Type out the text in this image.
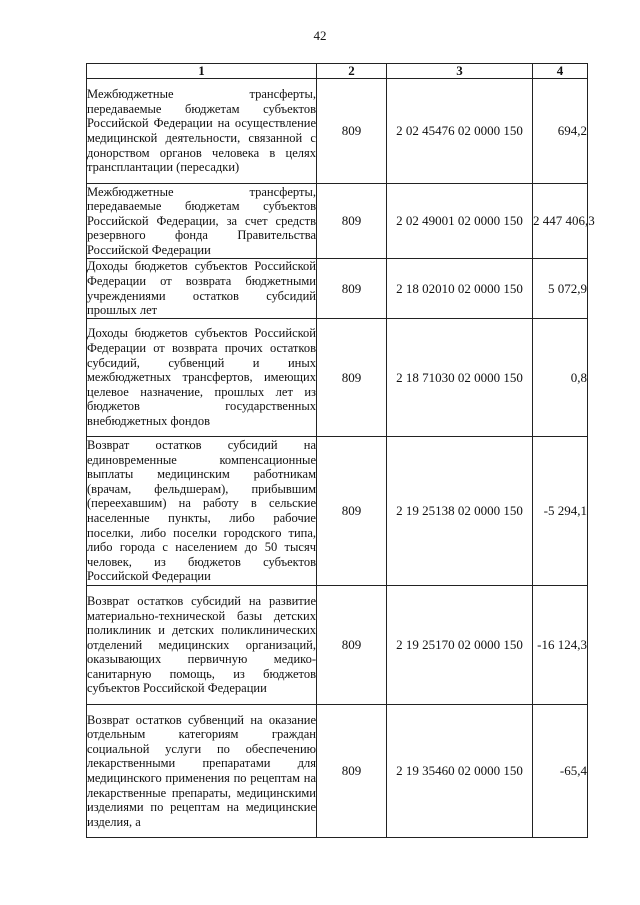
42
1	2	3	4
Межбюджетные трансферты, передаваемые бюджетам субъектов Российской Федерации на осуществление медицинской деятельности, связанной с донорством органов человека в целях трансплантации (пересадки)	809	2 02 45476 02 0000 150	694,2
Межбюджетные трансферты, передаваемые бюджетам субъектов Российской Федерации, за счет средств резервного фонда Правительства Российской Федерации	809	2 02 49001 02 0000 150	2 447 406,3
Доходы бюджетов субъектов Российской Федерации от возврата бюджетными учреждениями остатков субсидий прошлых лет	809	2 18 02010 02 0000 150	5 072,9
Доходы бюджетов субъектов Российской Федерации от возврата прочих остатков субсидий, субвенций и иных межбюджетных трансфертов, имеющих целевое назначение, прошлых лет из бюджетов государственных внебюджетных фондов	809	2 18 71030 02 0000 150	0,8
Возврат остатков субсидий на единовременные компенсационные выплаты медицинским работникам (врачам, фельдшерам), прибывшим (переехавшим) на работу в сельские населенные пункты, либо рабочие поселки, либо поселки городского типа, либо города с населением до 50 тысяч человек, из бюджетов субъектов Российской Федерации	809	2 19 25138 02 0000 150	-5 294,1
Возврат остатков субсидий на развитие материально-технической базы детских поликлиник и детских поликлинических отделений медицинских организаций, оказывающих первичную медико-санитарную помощь, из бюджетов субъектов Российской Федерации	809	2 19 25170 02 0000 150	-16 124,3
Возврат остатков субвенций на оказание отдельным категориям граждан социальной услуги по обеспечению лекарственными препаратами для медицинского применения по рецептам на лекарственные препараты, медицинскими изделиями по рецептам на медицинские изделия, а	809	2 19 35460 02 0000 150	-65,4
